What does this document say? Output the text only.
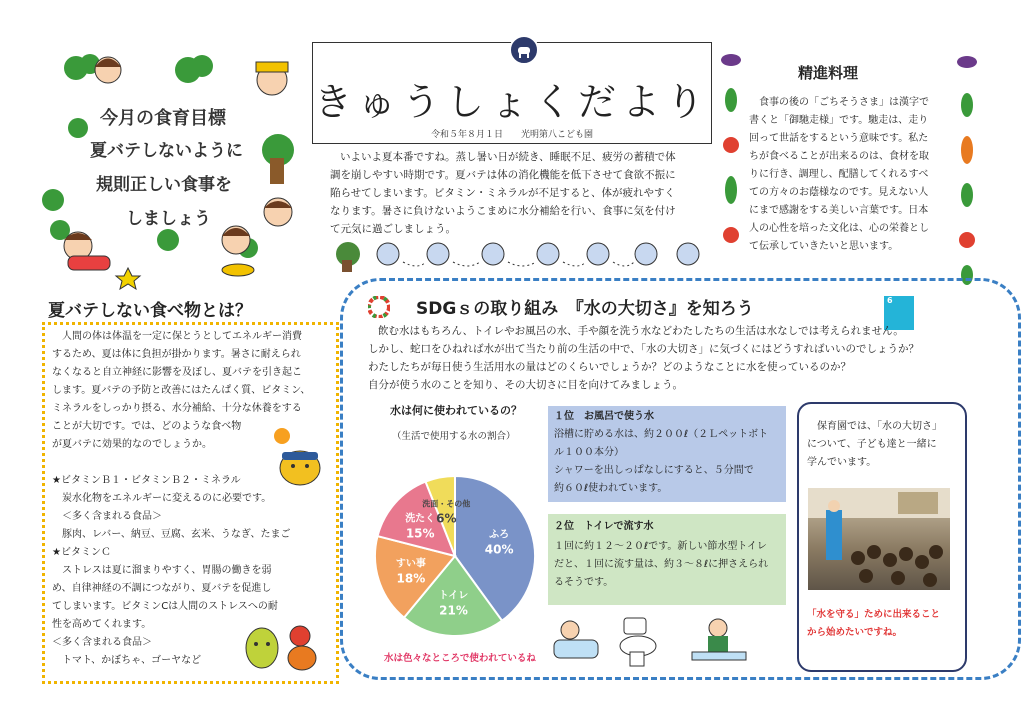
今月の食育目標
夏バテしないように
規則正しい食事を
しましょう
きゅうしょくだより
令和５年８月１日　　光明第八こども園
いよいよ夏本番ですね。蒸し暑い日が続き、睡眠不足、疲労の蓄積で体
調を崩しやすい時期です。夏バテは体の消化機能を低下させて食欲不振に
陥らせてしまいます。ビタミン・ミネラルが不足すると、体が疲れやすく
なります。暑さに負けないようこまめに水分補給を行い、食事に気を付け
て元気に過ごしましょう。
精進料理
食事の後の「ごちそうさま」は漢字で
書くと「御馳走様」です。馳走は、走り
回って世話をするという意味です。私た
ちが食べることが出来るのは、食材を取
りに行き、調理し、配膳してくれるすべ
ての方々のお蔭様なのです。見えない人
にまで感謝をする美しい言葉です。日本
人の心性を培った文化は、心の栄養とし
て伝承していきたいと思います。
夏バテしない食べ物とは？
人間の体は体温を一定に保とうとしてエネルギー消費
するため、夏は体に負担が掛かります。暑さに耐えられ
なくなると自立神経に影響を及ぼし、夏バテを引き起こ
します。夏バテの予防と改善にはたんぱく質、ビタミン、
ミネラルをしっかり摂る、水分補給、十分な休養をする
ことが大切です。では、どのような食べ物
が夏バテに効果的なのでしょうか。
★ビタミンＢ１・ビタミンＢ２・ミネラル
炭水化物をエネルギーに変えるのに必要です。
＜多く含まれる食品＞
豚肉、レバー、納豆、豆腐、玄米、うなぎ、たまご
★ビタミンＣ
ストレスは夏に溜まりやすく、胃腸の働きを弱
め、自律神経の不調につながり、夏バテを促進し
てしまいます。ビタミンCは人間のストレスへの耐
性を高めてくれます。
＜多く含まれる食品＞
トマト、かぼちゃ、ゴーヤなど
SDGｓの取り組み　『水の大切さ』を知ろう	6
飲む水はもちろん、トイレやお風呂の水、手や顔を洗う水などわたしたちの生活は水なしでは考えられません。
しかし、蛇口をひねれば水が出て当たり前の生活の中で、「水の大切さ」に気づくにはどうすればいいのでしょうか？
わたしたちが毎日使う生活用水の量はどのくらいでしょうか？どのようなことに水を使っているのか？
自分が使う水のことを知り、その大切さに目を向けてみましょう。
水は何に使われているの？
（生活で使用する水の割合）
ふろ
40%
トイレ
21%
すい事
18%
洗たく
15%
洗面・その他
6%
水は色々なところで使われているね
１位　お風呂で使う水
浴槽に貯める水は、約２００ℓ（２Ｌペットボト
ル１００本分）
シャワーを出しっぱなしにすると、５分間で
約６０ℓ使われています。
２位　トイレで流す水
１回に約１２～２０ℓです。新しい節水型トイレ
だと、１回に流す量は、約３～８ℓに押さえられ
るそうです。
保育園では、「水の大切さ」
について、子ども達と一緒に
学んでいます。
「水を守る」ために出来ること
から始めたいですね。
